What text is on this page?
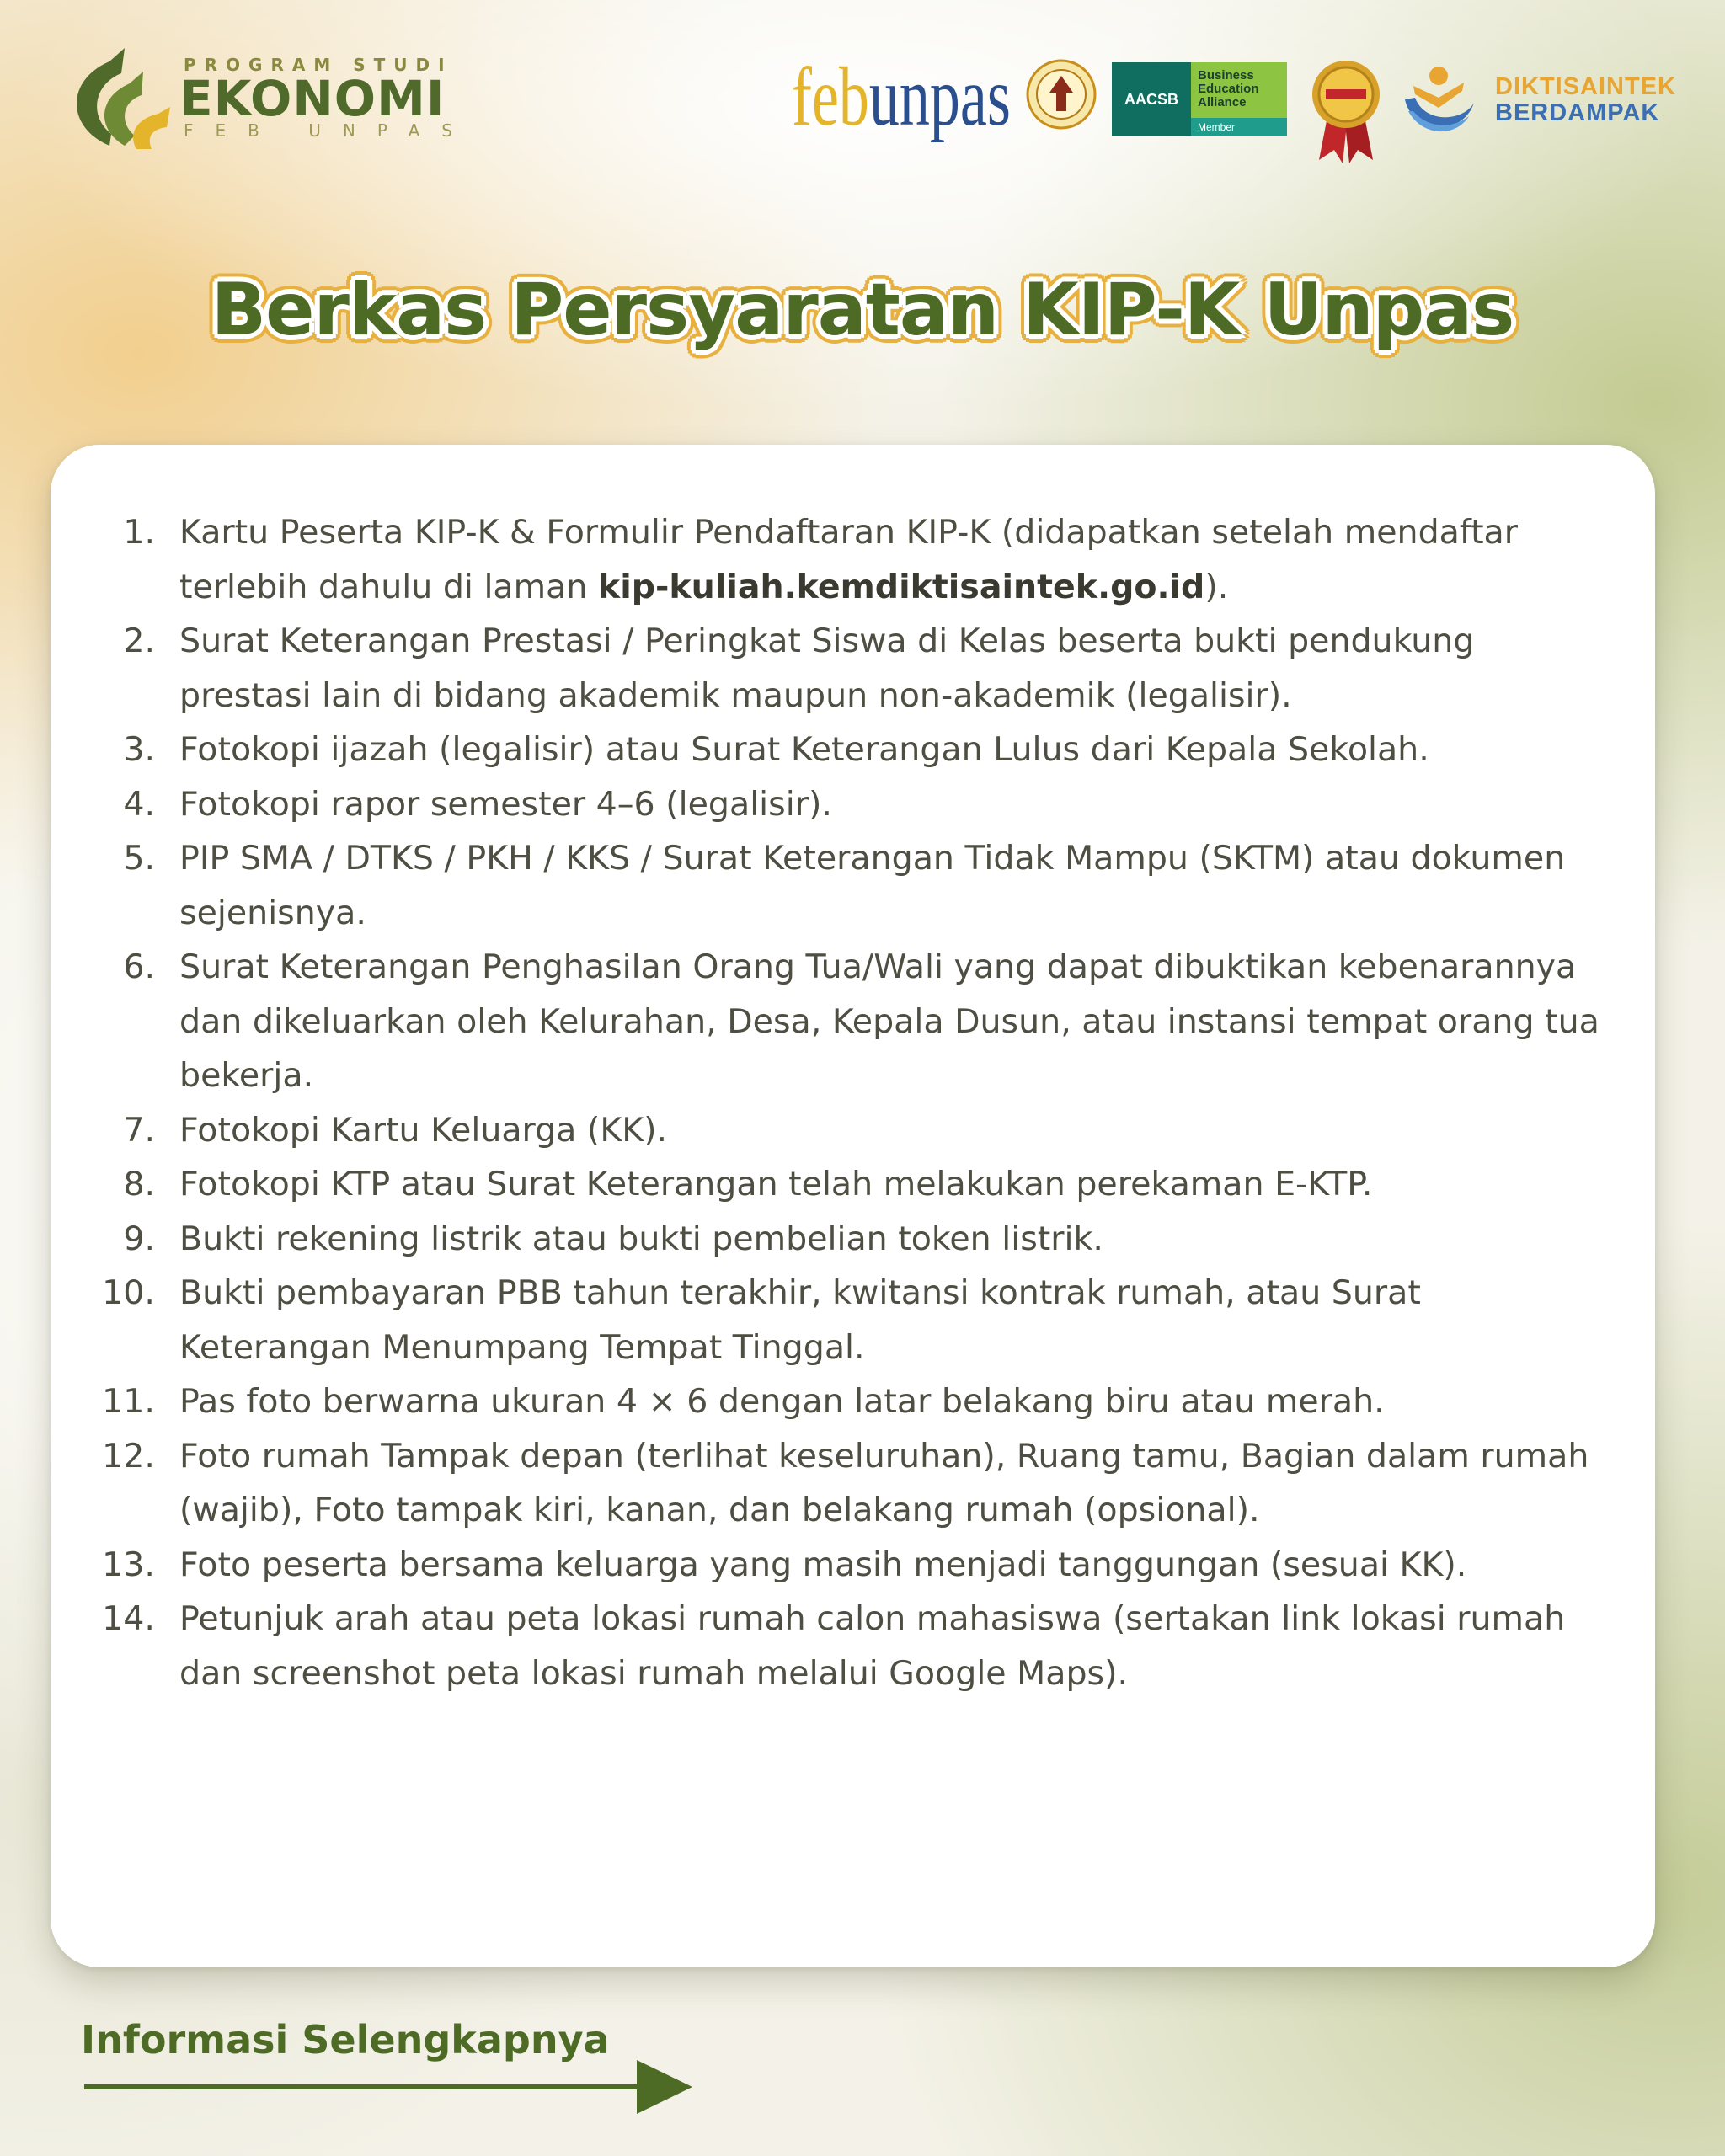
PROGRAM STUDI
EKONOMI
FEB UNPAS	febunpas	AACSB
Business
Education
Alliance
Member
DIKTISAINTEK
BERDAMPAK
Berkas Persyaratan KIP-K Unpas
1. Kartu Peserta KIP-K & Formulir Pendaftaran KIP-K (didapatkan setelah mendaftar terlebih dahulu di laman kip-kuliah.kemdiktisaintek.go.id).
2. Surat Keterangan Prestasi / Peringkat Siswa di Kelas beserta bukti pendukung prestasi lain di bidang akademik maupun non-akademik (legalisir).
3. Fotokopi ijazah (legalisir) atau Surat Keterangan Lulus dari Kepala Sekolah.
4. Fotokopi rapor semester 4–6 (legalisir).
5. PIP SMA / DTKS / PKH / KKS / Surat Keterangan Tidak Mampu (SKTM) atau dokumen sejenisnya.
6. Surat Keterangan Penghasilan Orang Tua/Wali yang dapat dibuktikan kebenarannya dan dikeluarkan oleh Kelurahan, Desa, Kepala Dusun, atau instansi tempat orang tua bekerja.
7. Fotokopi Kartu Keluarga (KK).
8. Fotokopi KTP atau Surat Keterangan telah melakukan perekaman E-KTP.
9. Bukti rekening listrik atau bukti pembelian token listrik.
10. Bukti pembayaran PBB tahun terakhir, kwitansi kontrak rumah, atau Surat Keterangan Menumpang Tempat Tinggal.
11. Pas foto berwarna ukuran 4 × 6 dengan latar belakang biru atau merah.
12. Foto rumah Tampak depan (terlihat keseluruhan), Ruang tamu, Bagian dalam rumah (wajib), Foto tampak kiri, kanan, dan belakang rumah (opsional).
13. Foto peserta bersama keluarga yang masih menjadi tanggungan (sesuai KK).
14. Petunjuk arah atau peta lokasi rumah calon mahasiswa (sertakan link lokasi rumah dan screenshot peta lokasi rumah melalui Google Maps).
Informasi Selengkapnya
